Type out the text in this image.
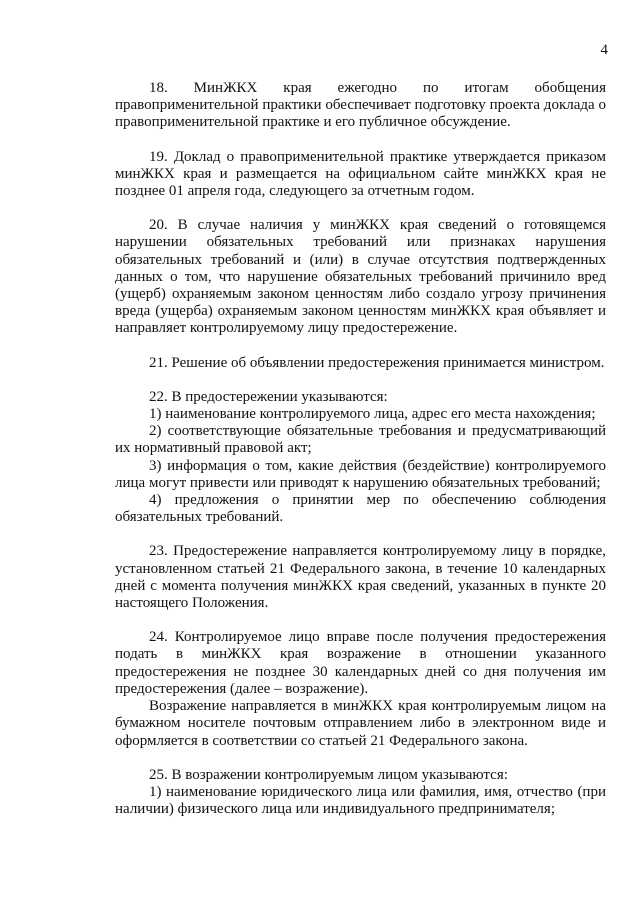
4

18. МинЖКХ края ежегодно по итогам обобщения правоприменительной практики обеспечивает подготовку проекта доклада о правоприменительной практике и его публичное обсуждение.

19. Доклад о правоприменительной практике утверждается приказом минЖКХ края и размещается на официальном сайте минЖКХ края не позднее 01 апреля года, следующего за отчетным годом.

20. В случае наличия у минЖКХ края сведений о готовящемся нарушении обязательных требований или признаках нарушения обязательных требований и (или) в случае отсутствия подтвержденных данных о том, что нарушение обязательных требований причинило вред (ущерб) охраняемым законом ценностям либо создало угрозу причинения вреда (ущерба) охраняемым законом ценностям минЖКХ края объявляет и направляет контролируемому лицу предостережение.

21. Решение об объявлении предостережения принимается министром.

22. В предостережении указываются:

1) наименование контролируемого лица, адрес его места нахождения;

2) соответствующие обязательные требования и предусматривающий их нормативный правовой акт;

3) информация о том, какие действия (бездействие) контролируемого лица могут привести или приводят к нарушению обязательных требований;

4) предложения о принятии мер по обеспечению соблюдения обязательных требований.

23. Предостережение направляется контролируемому лицу в порядке, установленном статьей 21 Федерального закона, в течение 10 календарных дней с момента получения минЖКХ края сведений, указанных в пункте 20 настоящего Положения.

24. Контролируемое лицо вправе после получения предостережения подать в минЖКХ края возражение в отношении указанного предостережения не позднее 30 календарных дней со дня получения им предостережения (далее – возражение).

Возражение направляется в минЖКХ края контролируемым лицом на бумажном носителе почтовым отправлением либо в электронном виде и оформляется в соответствии со статьей 21 Федерального закона.

25. В возражении контролируемым лицом указываются:

1) наименование юридического лица или фамилия, имя, отчество (при наличии) физического лица или индивидуального предпринимателя;
